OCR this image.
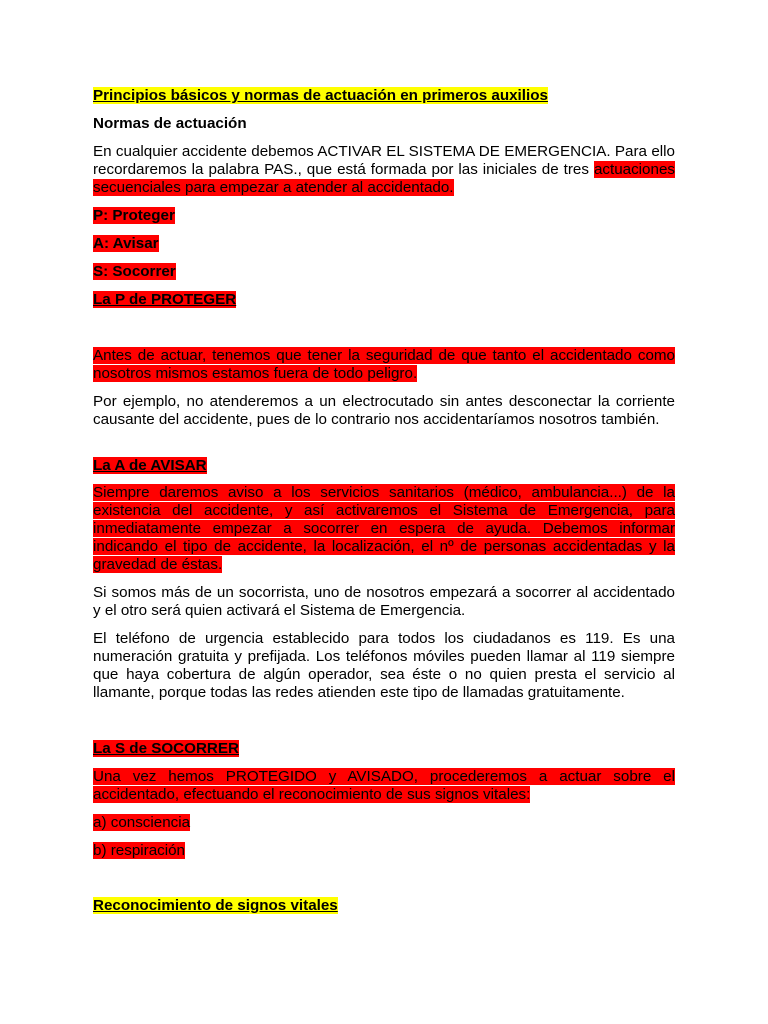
Principios básicos y normas de actuación en primeros auxilios

Normas de actuación

En cualquier accidente debemos ACTIVAR EL SISTEMA DE EMERGENCIA. Para ello recordaremos la palabra PAS., que está formada por las iniciales de tres actuaciones secuenciales para empezar a atender al accidentado.

P: Proteger

A: Avisar

S: Socorrer

La P de PROTEGER

Antes de actuar, tenemos que tener la seguridad de que tanto el accidentado como nosotros mismos estamos fuera de todo peligro.

Por ejemplo, no atenderemos a un electrocutado sin antes desconectar la corriente causante del accidente, pues de lo contrario nos accidentaríamos nosotros también.

La A de AVISAR

Siempre daremos aviso a los servicios sanitarios (médico, ambulancia...) de la existencia del accidente, y así activaremos el Sistema de Emergencia, para inmediatamente empezar a socorrer en espera de ayuda. Debemos informar indicando el tipo de accidente, la localización, el nº de personas accidentadas y la gravedad de éstas.

Si somos más de un socorrista, uno de nosotros empezará a socorrer al accidentado y el otro será quien activará el Sistema de Emergencia.

El teléfono de urgencia establecido para todos los ciudadanos es 119. Es una numeración gratuita y prefijada. Los teléfonos móviles pueden llamar al 119 siempre que haya cobertura de algún operador, sea éste o no quien presta el servicio al llamante, porque todas las redes atienden este tipo de llamadas gratuitamente.

La S de SOCORRER

Una vez hemos PROTEGIDO y AVISADO, procederemos a actuar sobre el accidentado, efectuando el reconocimiento de sus signos vitales:

a) consciencia

b) respiración

Reconocimiento de signos vitales
